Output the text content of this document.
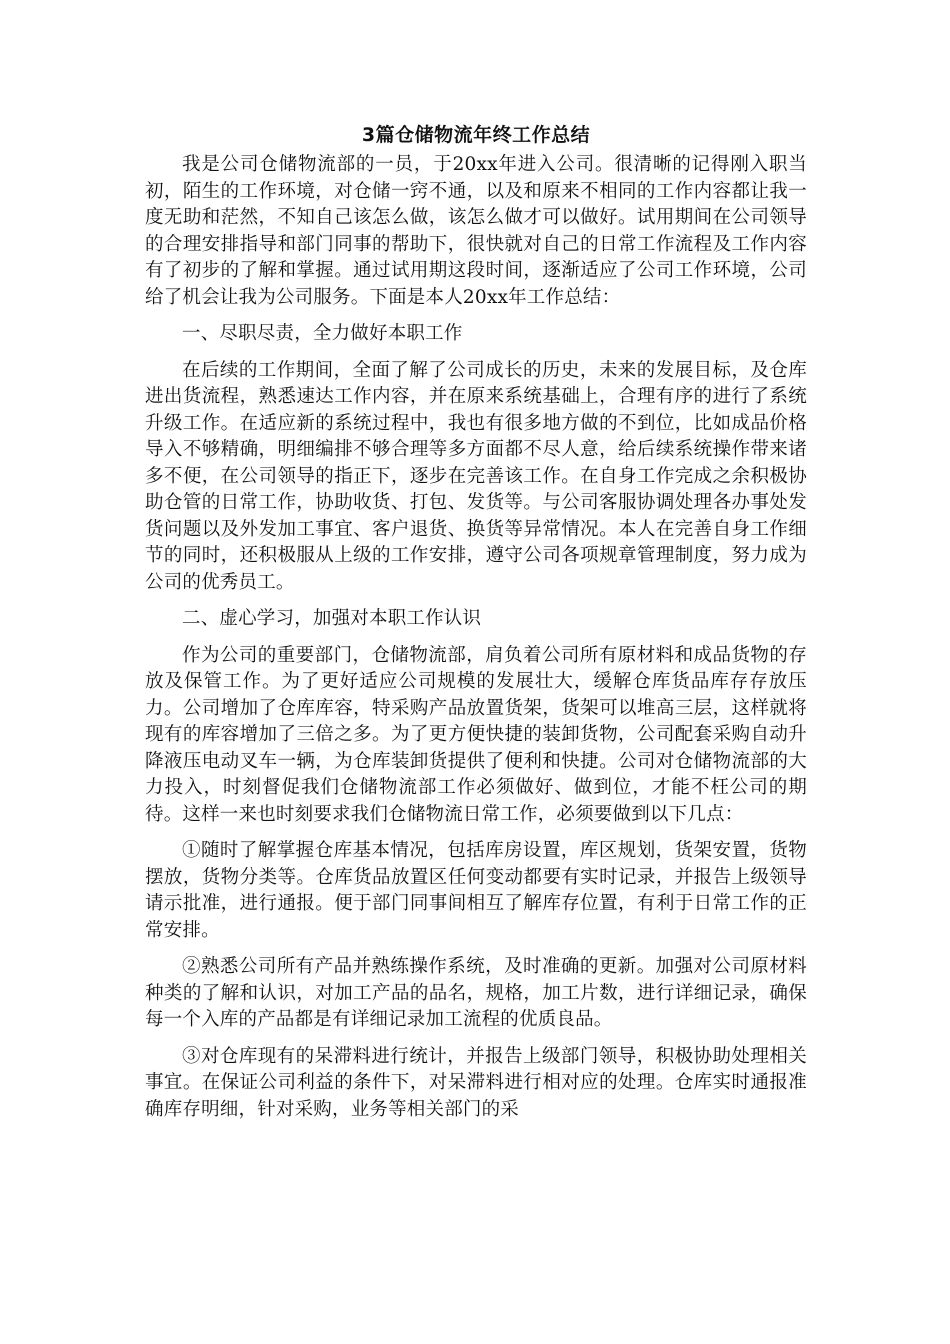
3篇仓储物流年终工作总结

我是公司仓储物流部的一员，于20xx年进入公司。很清晰的记得刚入职当初，陌生的工作环境，对仓储一窍不通，以及和原来不相同的工作内容都让我一度无助和茫然，不知自己该怎么做，该怎么做才可以做好。试用期间在公司领导的合理安排指导和部门同事的帮助下，很快就对自己的日常工作流程及工作内容有了初步的了解和掌握。通过试用期这段时间，逐渐适应了公司工作环境，公司给了机会让我为公司服务。下面是本人20xx年工作总结：

一、尽职尽责，全力做好本职工作

在后续的工作期间，全面了解了公司成长的历史，未来的发展目标，及仓库进出货流程，熟悉速达工作内容，并在原来系统基础上，合理有序的进行了系统升级工作。在适应新的系统过程中，我也有很多地方做的不到位，比如成品价格导入不够精确，明细编排不够合理等多方面都不尽人意，给后续系统操作带来诸多不便，在公司领导的指正下，逐步在完善该工作。在自身工作完成之余积极协助仓管的日常工作，协助收货、打包、发货等。与公司客服协调处理各办事处发货问题以及外发加工事宜、客户退货、换货等异常情况。本人在完善自身工作细节的同时，还积极服从上级的工作安排，遵守公司各项规章管理制度，努力成为公司的优秀员工。

二、虚心学习，加强对本职工作认识

作为公司的重要部门，仓储物流部，肩负着公司所有原材料和成品货物的存放及保管工作。为了更好适应公司规模的发展壮大，缓解仓库货品库存存放压力。公司增加了仓库库容，特采购产品放置货架，货架可以堆高三层，这样就将现有的库容增加了三倍之多。为了更方便快捷的装卸货物，公司配套采购自动升降液压电动叉车一辆，为仓库装卸货提供了便利和快捷。公司对仓储物流部的大力投入，时刻督促我们仓储物流部工作必须做好、做到位，才能不枉公司的期待。这样一来也时刻要求我们仓储物流日常工作，必须要做到以下几点：

①随时了解掌握仓库基本情况，包括库房设置，库区规划，货架安置，货物摆放，货物分类等。仓库货品放置区任何变动都要有实时记录，并报告上级领导请示批准，进行通报。便于部门同事间相互了解库存位置，有利于日常工作的正常安排。

②熟悉公司所有产品并熟练操作系统，及时准确的更新。加强对公司原材料种类的了解和认识，对加工产品的品名，规格，加工片数，进行详细记录，确保每一个入库的产品都是有详细记录加工流程的优质良品。

③对仓库现有的呆滞料进行统计，并报告上级部门领导，积极协助处理相关事宜。在保证公司利益的条件下，对呆滞料进行相对应的处理。仓库实时通报准确库存明细，针对采购，业务等相关部门的采
